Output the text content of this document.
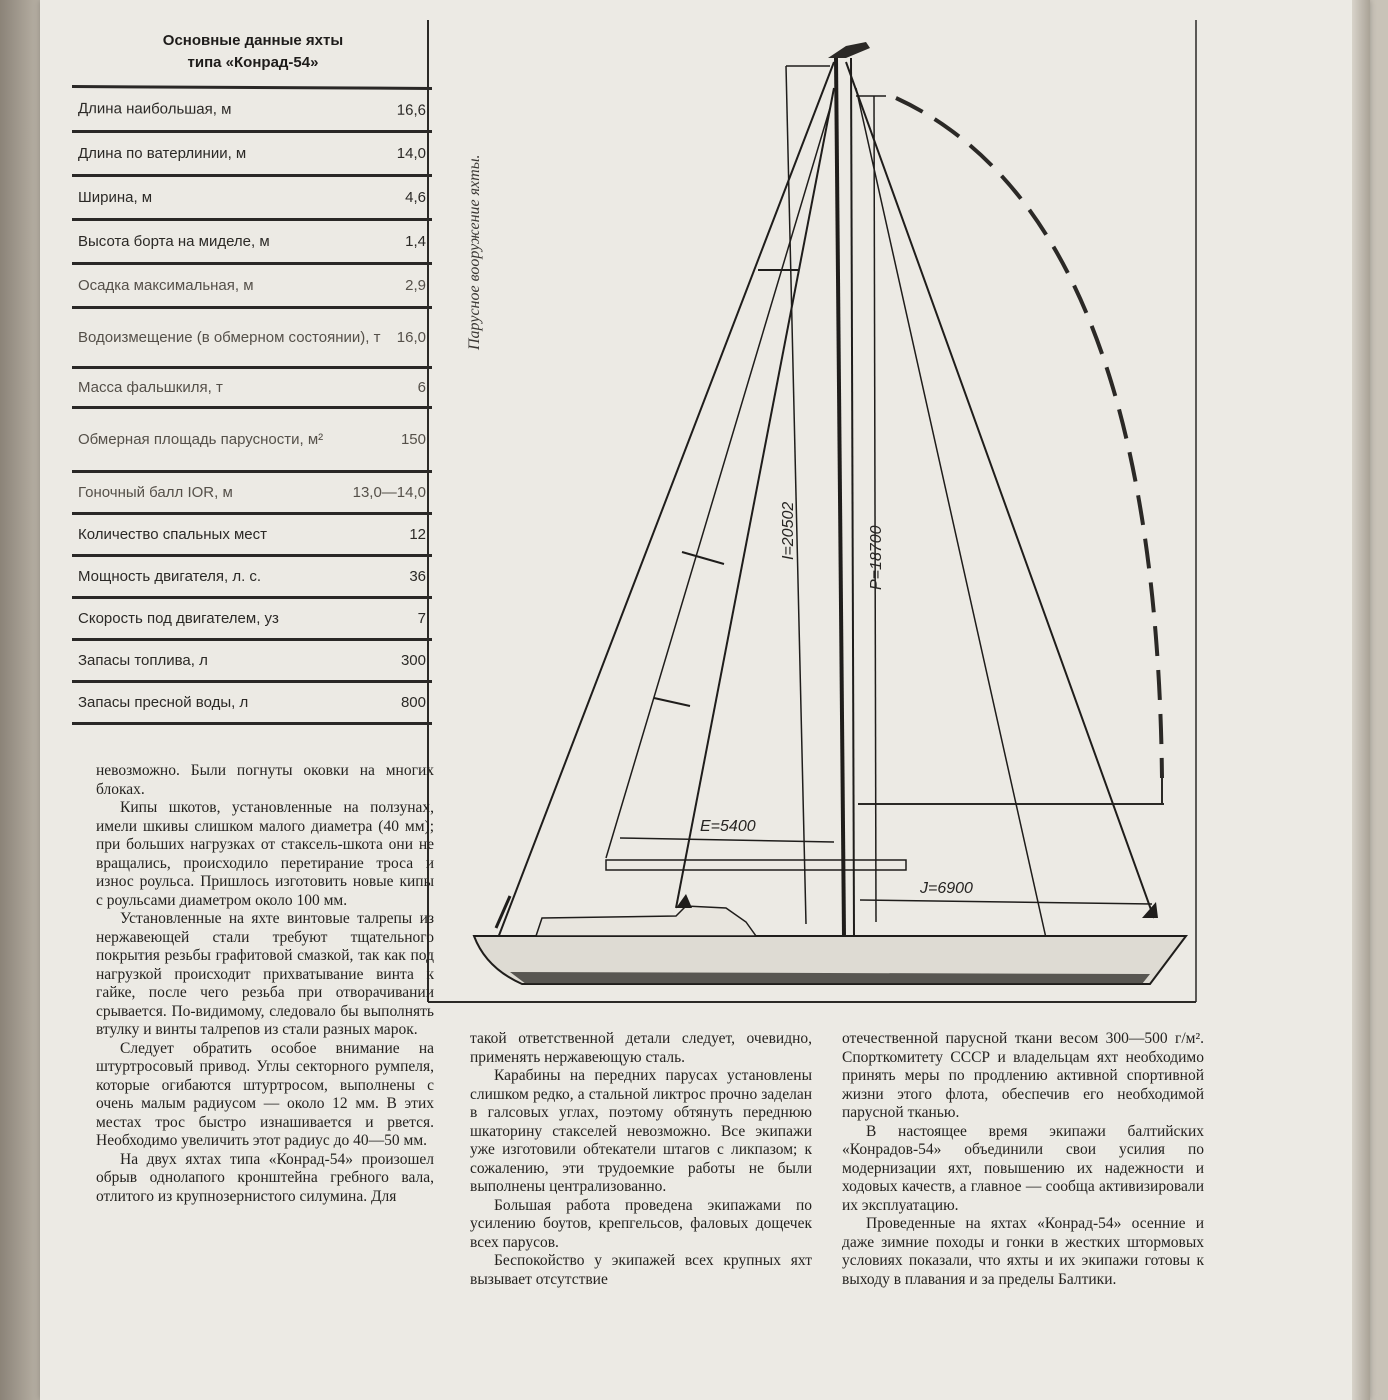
Основные данные яхты
типа «Конрад-54»
Длина наибольшая, м	16,6
Длина по ватерлинии, м	14,0
Ширина, м	4,6
Высота борта на миделе, м	1,4
Осадка максимальная, м	2,9
Водоизмещение (в обмерном состоянии), т	16,0
Масса фальшкиля, т	6
Обмерная площадь парусности, м²	150
Гоночный балл IOR, м	13,0—14,0
Количество спальных мест	12
Мощность двигателя, л. с.	36
Скорость под двигателем, уз	7
Запасы топлива, л	300
Запасы пресной воды, л	800
Парусное вооружение яхты.
E=5400
J=6900
I=20502	P=18700

невозможно. Были погнуты оковки на многих блоках.

Кипы шкотов, установленные на ползунах, имели шкивы слишком малого диаметра (40 мм); при больших нагрузках от стаксель-шкота они не вращались, происходило перетирание троса и износ роульса. Пришлось изготовить новые кипы с роульсами диаметром около 100 мм.

Установленные на яхте винтовые талрепы из нержавеющей стали требуют тщательного покрытия резьбы графитовой смазкой, так как под нагрузкой происходит прихватывание винта к гайке, после чего резьба при отворачивании срывается. По-видимому, следовало бы выполнять втулку и винты талрепов из стали разных марок.

Следует обратить особое внимание на штуртросовый привод. Углы секторного румпеля, которые огибаются штуртросом, выполнены с очень малым радиусом — около 12 мм. В этих местах трос быстро изнашивается и рвется. Необходимо увеличить этот радиус до 40—50 мм.

На двух яхтах типа «Конрад-54» произошел обрыв однолапого кронштейна гребного вала, отлитого из крупнозернистого силумина. Для

такой ответственной детали следует, очевидно, применять нержавеющую сталь.

Карабины на передних парусах установлены слишком редко, а стальной ликтрос прочно заделан в галсовых углах, поэтому обтянуть переднюю шкаторину стакселей невозможно. Все экипажи уже изготовили обтекатели штагов с ликпазом; к сожалению, эти трудоемкие работы не были выполнены централизованно.

Большая работа проведена экипажами по усилению боутов, крепгельсов, фаловых дощечек всех парусов.

Беспокойство у экипажей всех крупных яхт вызывает отсутствие

отечественной парусной ткани весом 300—500 г/м². Спорткомитету СССР и владельцам яхт необходимо принять меры по продлению активной спортивной жизни этого флота, обеспечив его необходимой парусной тканью.

В настоящее время экипажи балтийских «Конрадов-54» объединили свои усилия по модернизации яхт, повышению их надежности и ходовых качеств, а главное — сообща активизировали их эксплуатацию.

Проведенные на яхтах «Конрад-54» осенние и даже зимние походы и гонки в жестких штормовых условиях показали, что яхты и их экипажи готовы к выходу в плавания и за пределы Балтики.
